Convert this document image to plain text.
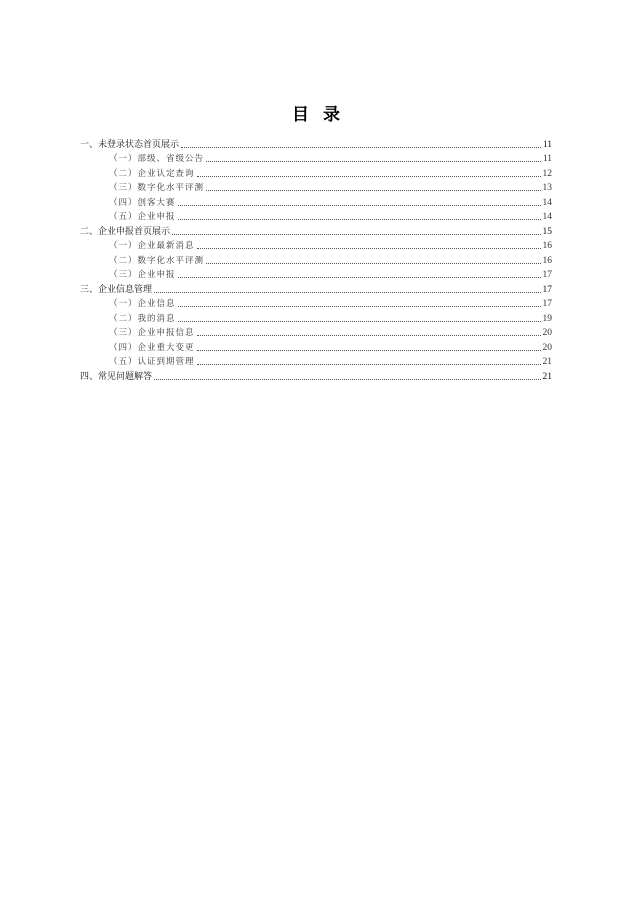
目 录
一、未登录状态首页展示	11
（一）部级、省级公告	11
（二）企业认定查询	12
（三）数字化水平评测	13
（四）创客大赛	14
（五）企业申报	14
二、企业申报首页展示	15
（一）企业最新消息	16
（二）数字化水平评测	16
（三）企业申报	17
三、企业信息管理	17
（一）企业信息	17
（二）我的消息	19
（三）企业申报信息	20
（四）企业重大变更	20
（五）认证到期管理	21
四、常见问题解答	21
